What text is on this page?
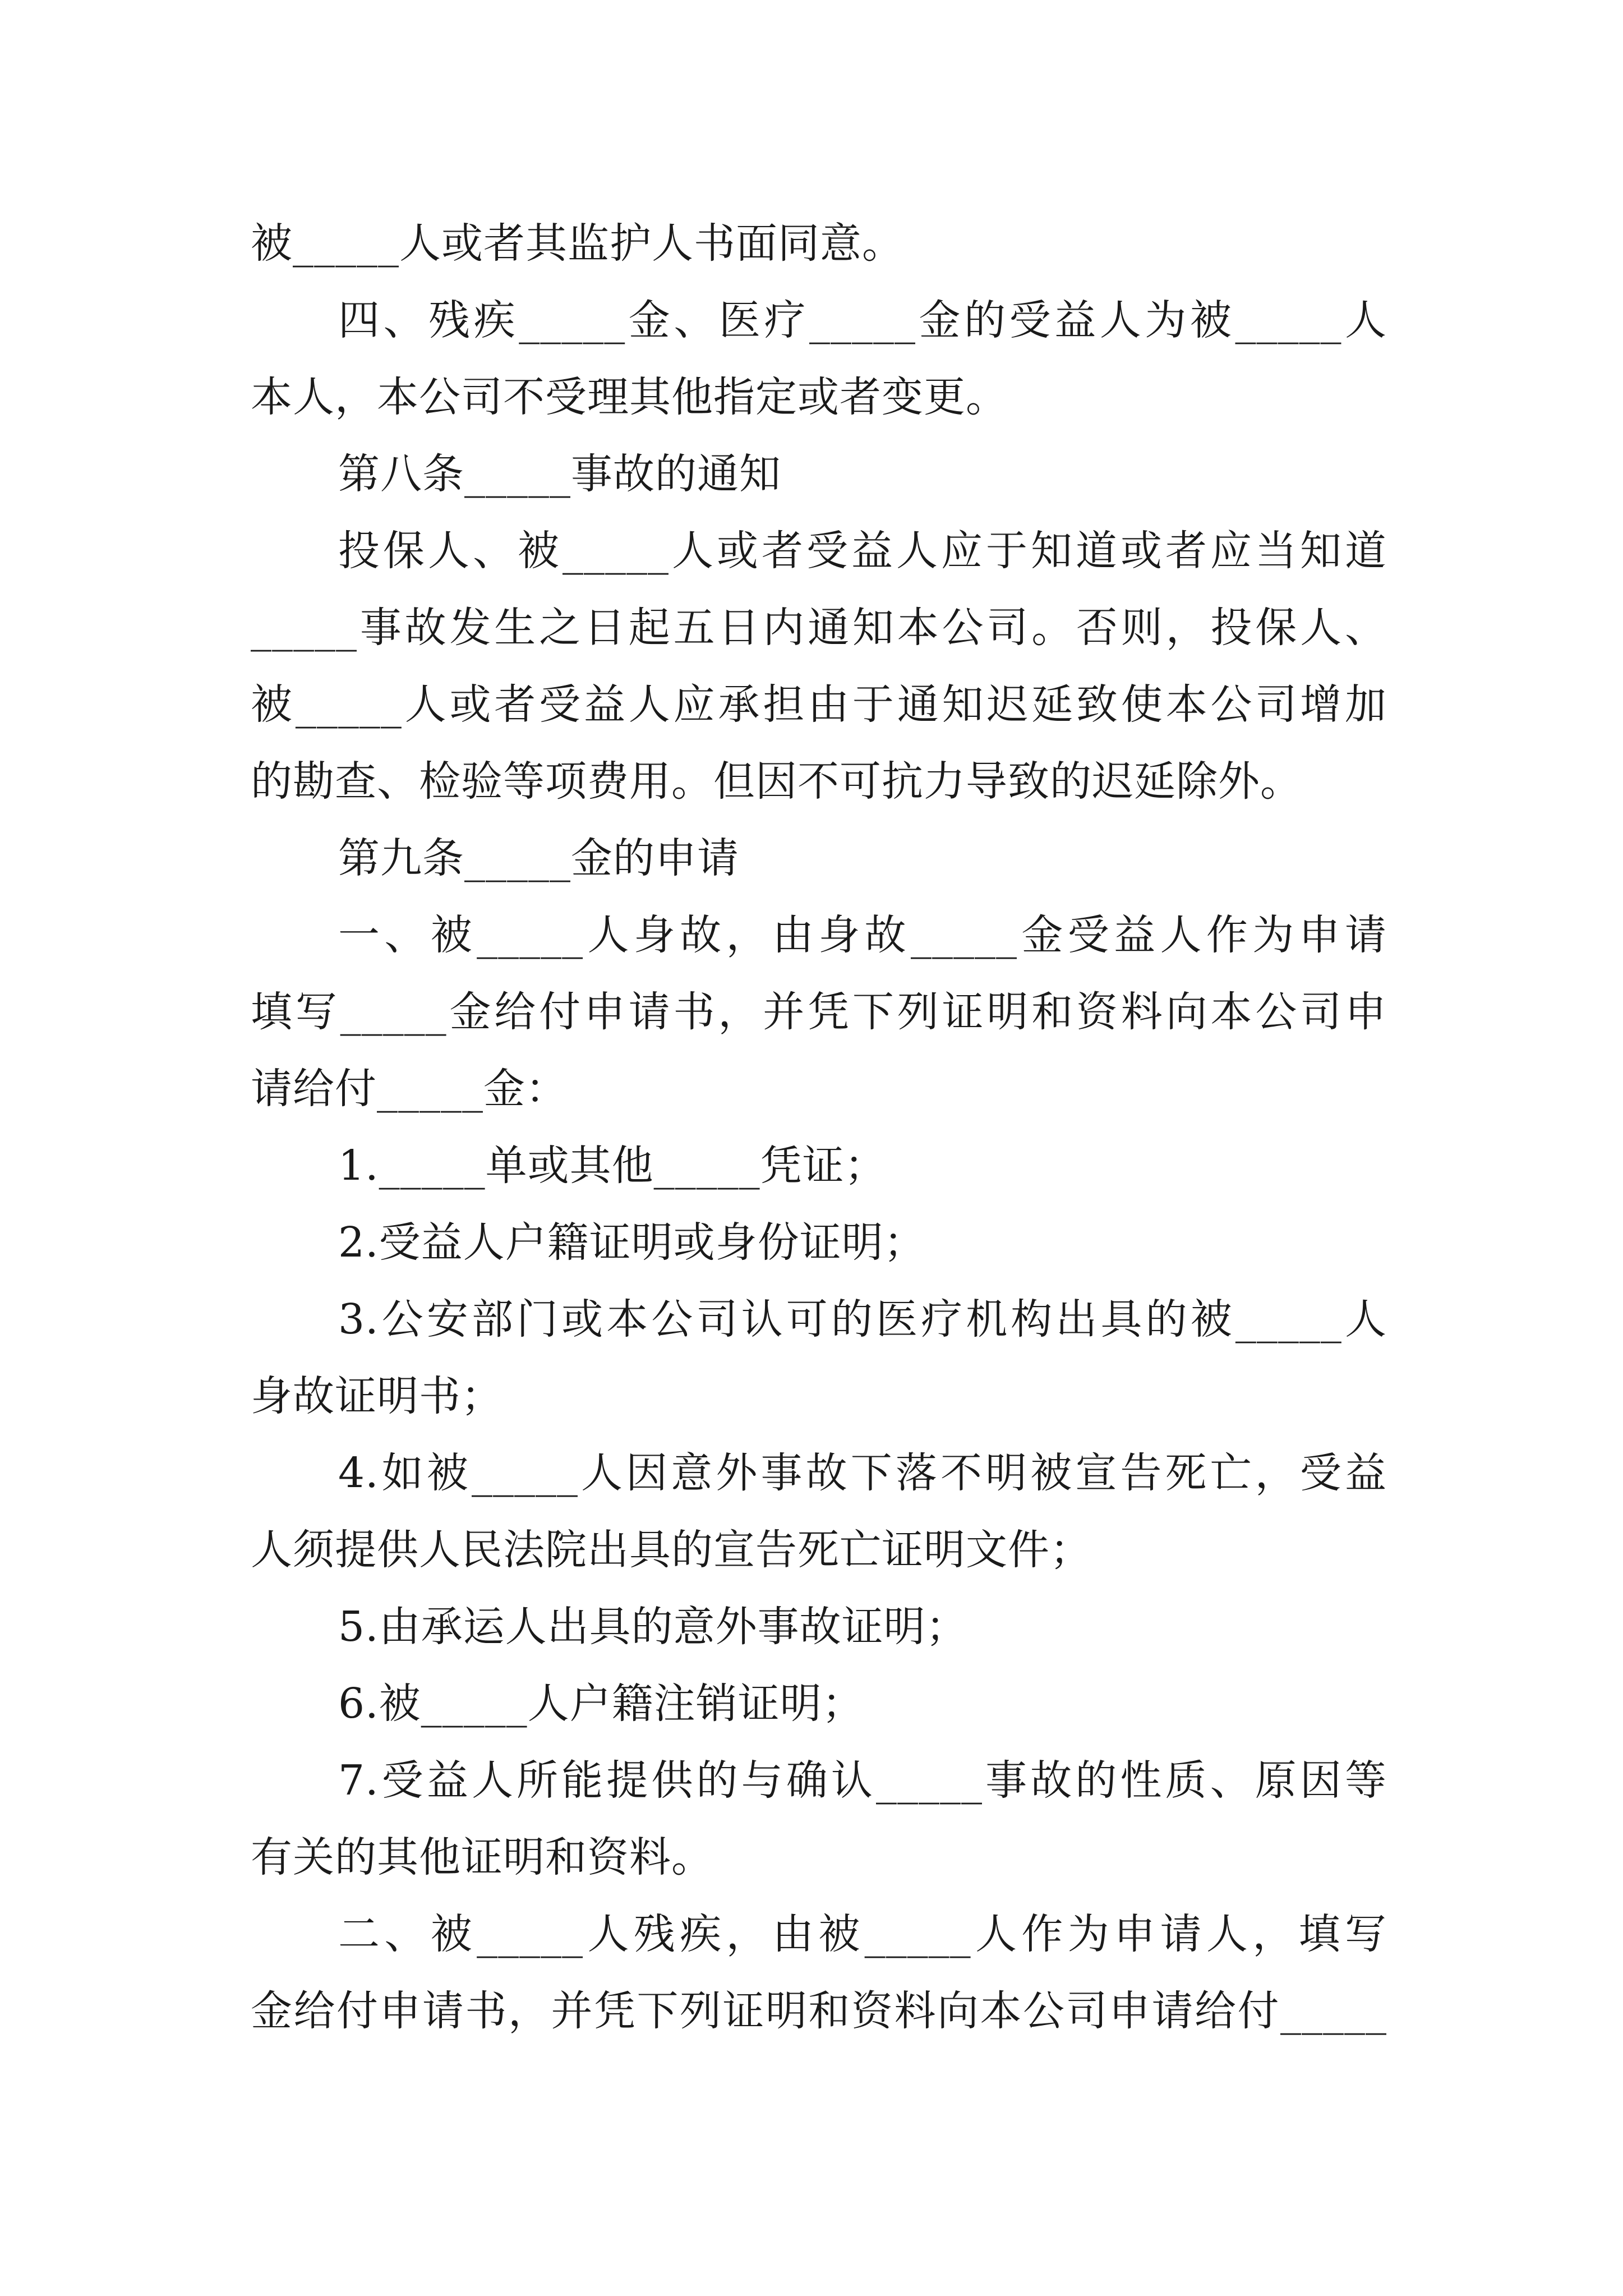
被_____人或者其监护人书面同意。
四、残疾_____金、医疗_____金的受益人为被_____人
本人，本公司不受理其他指定或者变更。
第八条_____事故的通知
投保人、被_____人或者受益人应于知道或者应当知道
_____事故发生之日起五日内通知本公司。否则，投保人、
被_____人或者受益人应承担由于通知迟延致使本公司增加
的勘查、检验等项费用。但因不可抗力导致的迟延除外。
第九条_____金的申请
一、被_____人身故，由身故_____金受益人作为申请
填写_____金给付申请书，并凭下列证明和资料向本公司申
请给付_____金：
1._____单或其他_____凭证；
2.受益人户籍证明或身份证明；
3.公安部门或本公司认可的医疗机构出具的被_____人
身故证明书；
4.如被_____人因意外事故下落不明被宣告死亡，受益
人须提供人民法院出具的宣告死亡证明文件；
5.由承运人出具的意外事故证明；
6.被_____人户籍注销证明；
7.受益人所能提供的与确认_____事故的性质、原因等
有关的其他证明和资料。
二、被_____人残疾，由被_____人作为申请人，填写
金给付申请书，并凭下列证明和资料向本公司申请给付_____
